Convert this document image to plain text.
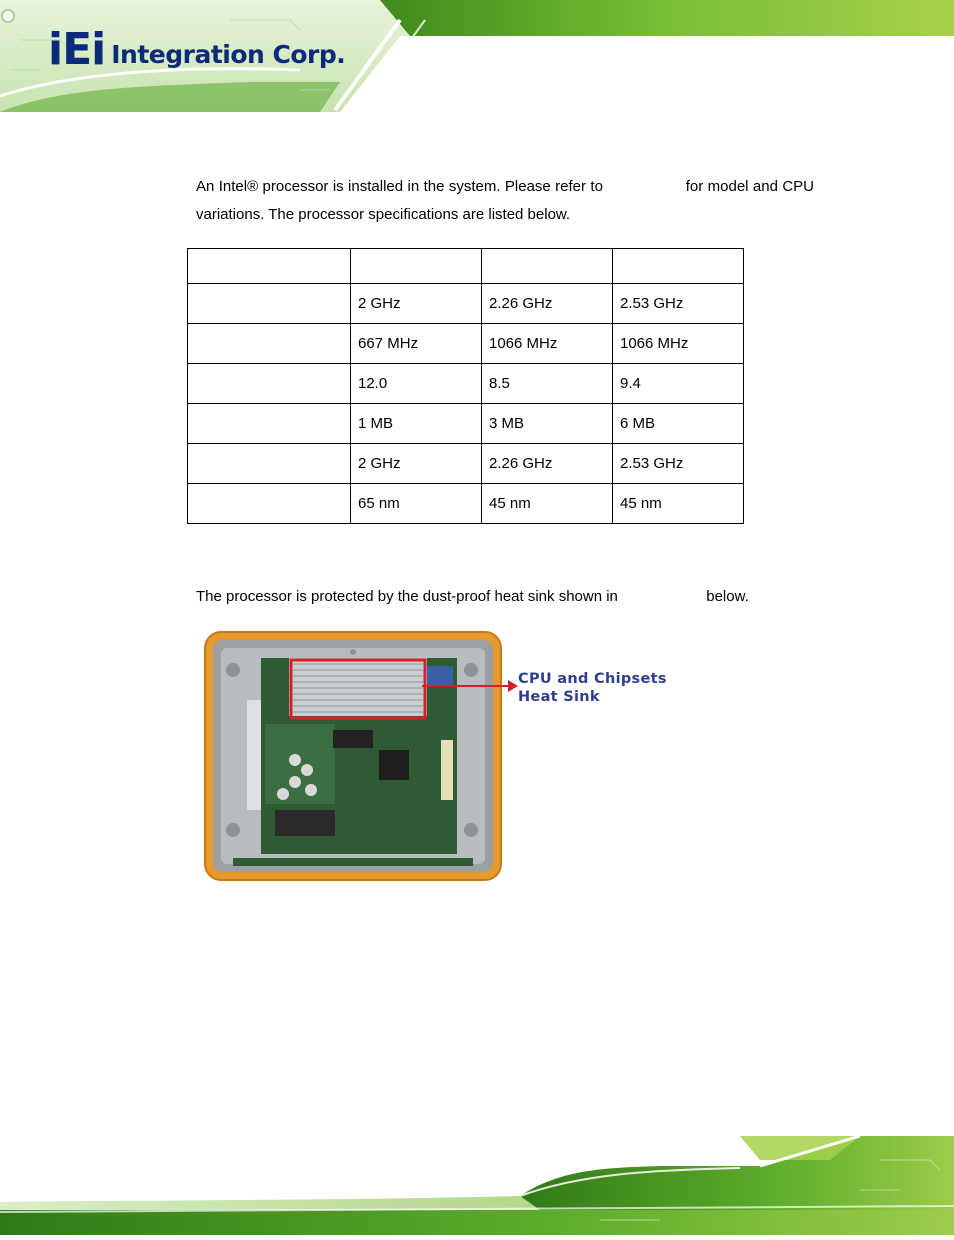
iEi Integration Corp.
An Intel® processor is installed in the system. Please refer to	for model and CPU variations. The processor specifications are listed below.

	2 GHz	2.26 GHz	2.53 GHz
	667 MHz	1066 MHz	1066 MHz
	12.0	8.5	9.4
	1 MB	3 MB	6 MB
	2 GHz	2.26 GHz	2.53 GHz
	65 nm	45 nm	45 nm
The processor is protected by the dust-proof heat sink shown in	below.
CPU and Chipsets
Heat Sink
